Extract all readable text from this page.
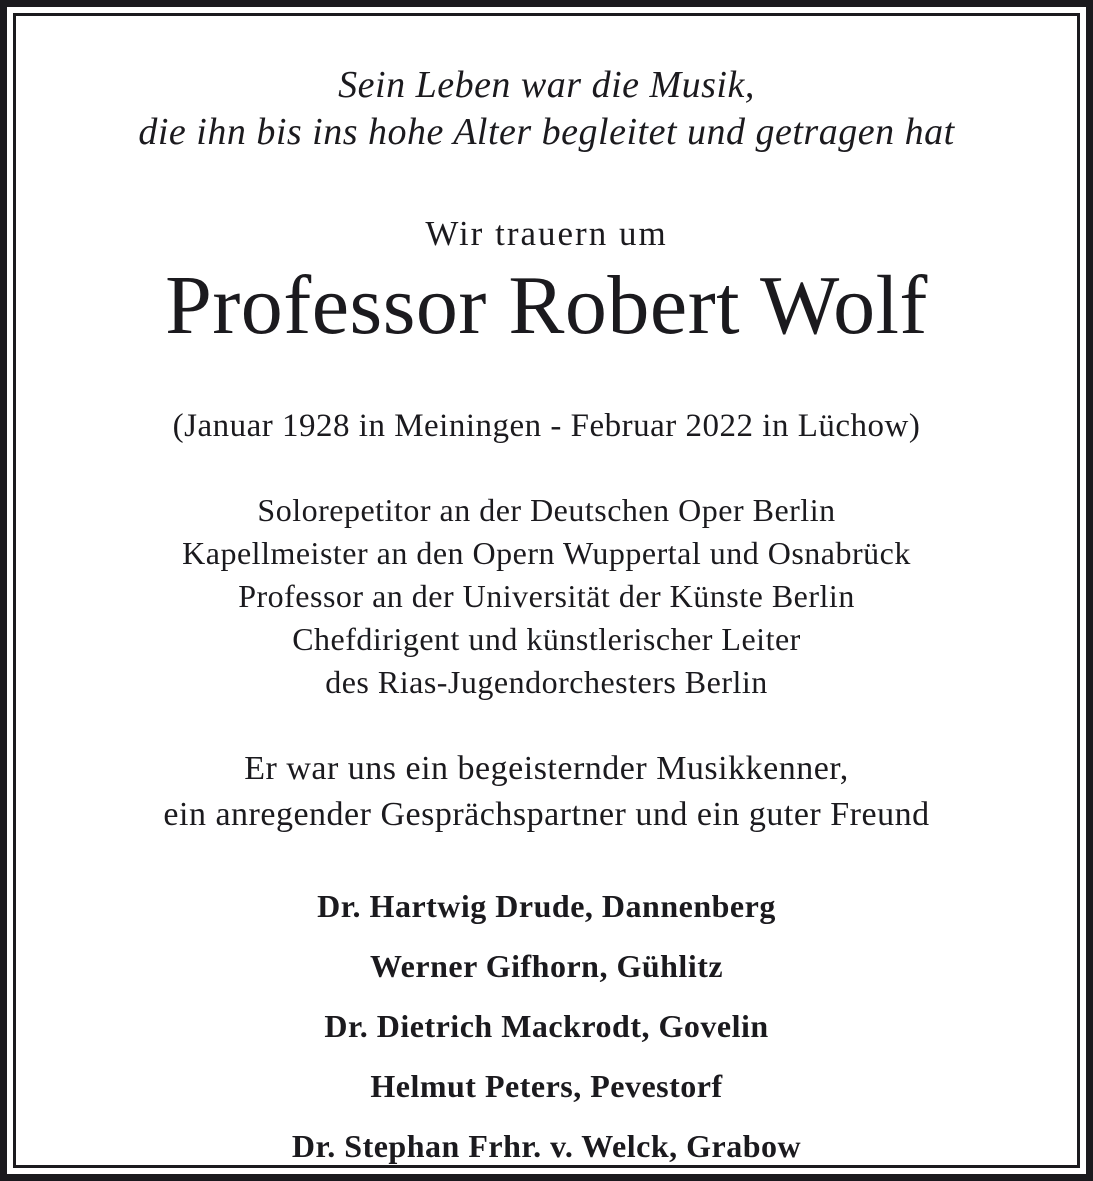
Sein Leben war die Musik,
die ihn bis ins hohe Alter begleitet und getragen hat
Wir trauern um
Professor Robert Wolf
(Januar 1928 in Meiningen - Februar 2022 in Lüchow)
Solorepetitor an der Deutschen Oper Berlin
Kapellmeister an den Opern Wuppertal und Osnabrück
Professor an der Universität der Künste Berlin
Chefdirigent und künstlerischer Leiter
des Rias-Jugendorchesters Berlin
Er war uns ein begeisternder Musikkenner,
ein anregender Gesprächspartner und ein guter Freund
Dr. Hartwig Drude, Dannenberg
Werner Gifhorn, Gühlitz
Dr. Dietrich Mackrodt, Govelin
Helmut Peters, Pevestorf
Dr. Stephan Frhr. v. Welck, Grabow
